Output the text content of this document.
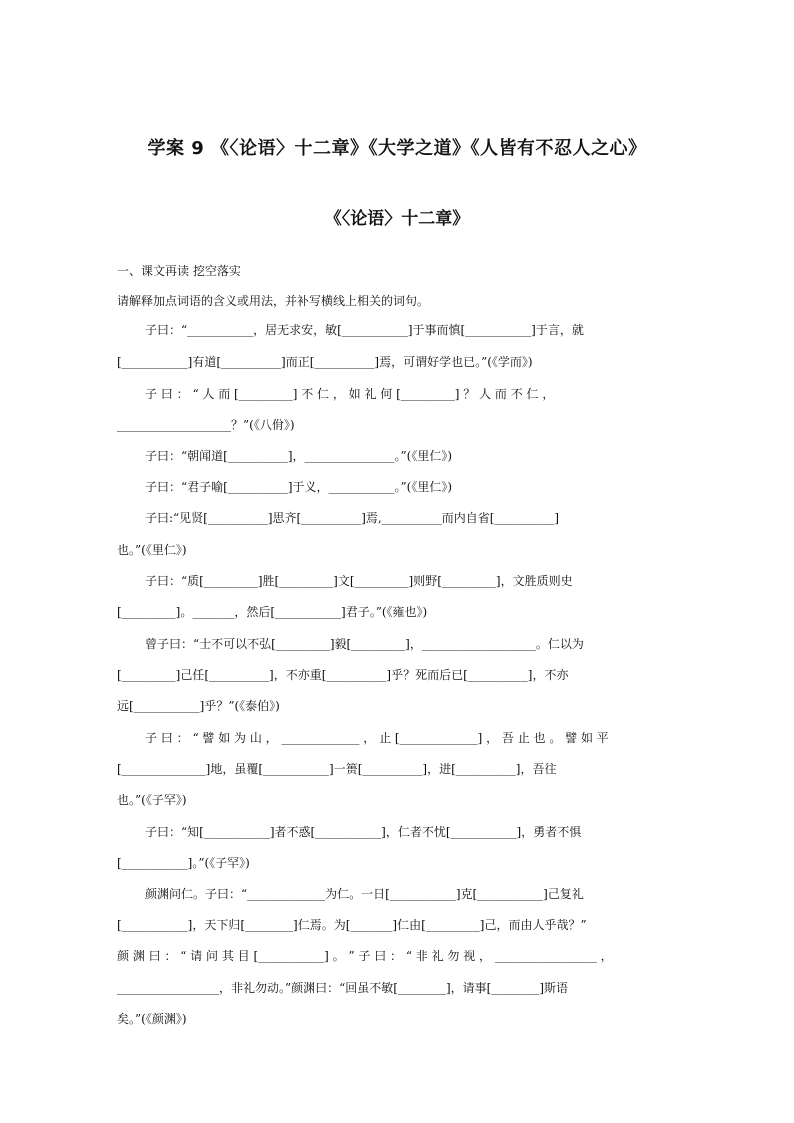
学案 9 《〈论语〉十二章》《大学之道》《人皆有不忍人之心》
《〈论语〉十二章》
一、课文再读 挖空落实
请解释加点词语的含义或用法，并补写横线上相关的词句。
子曰：“___________，居无求安，敏[___________]于事而慎[___________]于言，就
[___________]有道[__________]而正[__________]焉，可谓好学也已。”(《学而》)
子 曰 ： “ 人 而 [_________] 不 仁 ， 如 礼 何 [_________] ？ 人 而 不 仁 ，
___________________？”(《八佾》)
子曰：“朝闻道[__________]，_______________。”(《里仁》)
子曰：“君子喻[__________]于义，___________。”(《里仁》)
子曰:“见贤[__________]思齐[__________]焉,__________而内自省[__________]
也。”(《里仁》)
子曰：“质[_________]胜[_________]文[_________]则野[_________]，文胜质则史
[_________]。_______，然后[___________]君子。”(《雍也》)
曾子曰：“士不可以不弘[_________]毅[_________]，___________________。仁以为
[_________]己任[__________]，不亦重[__________]乎？死而后已[__________]，不亦
远[___________]乎？”(《泰伯》)
子 曰 ： “ 譬 如 为 山 ， _____________ ， 止 [_____________] ， 吾 止 也 。 譬 如 平
[______________]地，虽覆[___________]一篑[__________]，进[__________]，吾往
也。”(《子罕》)
子曰：“知[___________]者不惑[___________]，仁者不忧[___________]，勇者不惧
[___________]。”(《子罕》)
颜渊问仁。子曰：“_____________为仁。一日[___________]克[___________]己复礼
[___________]，天下归[________]仁焉。为[_______]仁由[_________]己，而由人乎哉？”
颜 渊 曰 ： “ 请 问 其 目 [___________] 。 ” 子 曰 ： “ 非 礼 勿 视 ， _________________ ，
_________________，非礼勿动。”颜渊曰：“回虽不敏[________]，请事[________]斯语
矣。”(《颜渊》)
